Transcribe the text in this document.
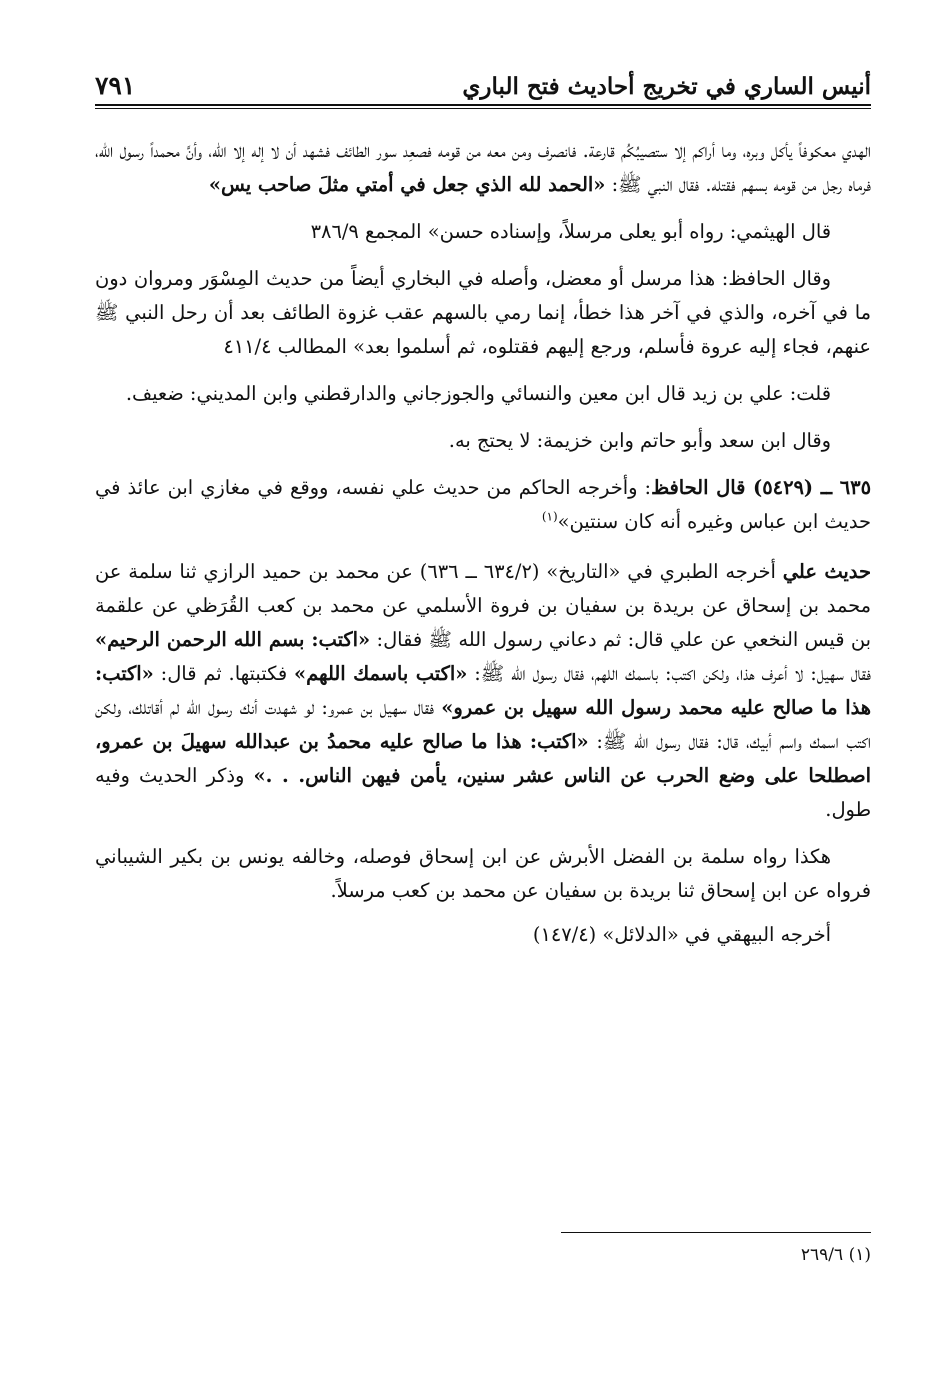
أنيس الساري في تخريج أحاديث فتح الباري
٧٩١

الهدي معكوفاً يأكل وبره، وما أراكم إلا ستصيبُكُم قارعة. فانصرف ومن معه من قومه فصعِد سور الطائف فشهد أن لا إله إلا الله، وأنَّ محمداً رسول الله، فرماه رجل من قومه بسهم فقتله. فقال النبي ﷺ: «الحمد لله الذي جعل في أمتي مثلَ صاحب يس»

قال الهيثمي: رواه أبو يعلى مرسلاً، وإسناده حسن» المجمع ٣٨٦/٩

وقال الحافظ: هذا مرسل أو معضل، وأصله في البخاري أيضاً من حديث المِسْوَر ومروان دون ما في آخره، والذي في آخر هذا خطأ، إنما رمي بالسهم عقب غزوة الطائف بعد أن رحل النبي ﷺ عنهم، فجاء إليه عروة فأسلم، ورجع إليهم فقتلوه، ثم أسلموا بعد» المطالب ٤١١/٤

قلت: علي بن زيد قال ابن معين والنسائي والجوزجاني والدارقطني وابن المديني: ضعيف.

وقال ابن سعد وأبو حاتم وابن خزيمة: لا يحتج به.

٦٣٥ ــ (٥٤٢٩) قال الحافظ: وأخرجه الحاكم من حديث علي نفسه، ووقع في مغازي ابن عائذ في حديث ابن عباس وغيره أنه كان سنتين»$^{(١)}$

حديث علي أخرجه الطبري في «التاريخ» (٦٣٤/٢ ــ ٦٣٦) عن محمد بن حميد الرازي ثنا سلمة عن محمد بن إسحاق عن بريدة بن سفيان بن فروة الأسلمي عن محمد بن كعب القُرَظي عن علقمة بن قيس النخعي عن علي قال: ثم دعاني رسول الله ﷺ فقال: «اكتب: بسم الله الرحمن الرحيم» فقال سهيل: لا أعرف هذا، ولكن اكتب: باسمك اللهم، فقال رسول الله ﷺ: «اكتب باسمك اللهم» فكتبتها. ثم قال: «اكتب: هذا ما صالح عليه محمد رسول الله سهيل بن عمرو» فقال سهيل بن عمرو: لو شهدت أنك رسول الله لم أقاتلك، ولكن اكتب اسمك واسم أبيك، قال: فقال رسول الله ﷺ: «اكتب: هذا ما صالح عليه محمدُ بن عبدالله سهيلَ بن عمرو، اصطلحا على وضع الحرب عن الناس عشر سنين، يأمن فيهن الناس. . .» وذكر الحديث وفيه طول.

هكذا رواه سلمة بن الفضل الأبرش عن ابن إسحاق فوصله، وخالفه يونس بن بكير الشيباني فرواه عن ابن إسحاق ثنا بريدة بن سفيان عن محمد بن كعب مرسلاً.

أخرجه البيهقي في «الدلائل» (١٤٧/٤)

(١) ٢٦٩/٦
